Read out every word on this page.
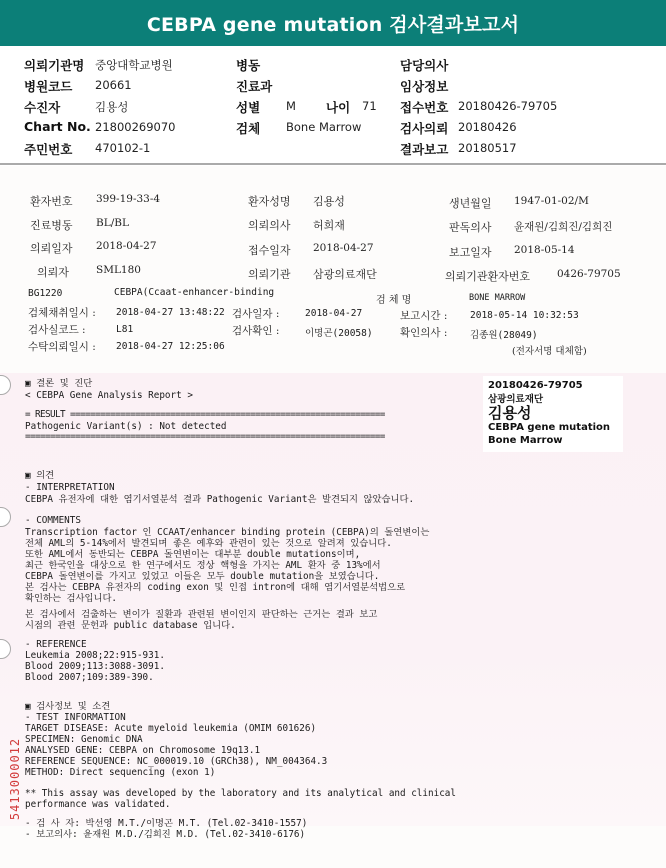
CEBPA gene mutation 검사결과보고서
의뢰기관명 중앙대학교병원
병원코드 20661
수진자	김용성
Chart No. 21800269070
주민번호 470102-1
병동
진료과
성별 M 나이 71
검체 Bone Marrow
담당의사
임상정보
접수번호 20180426-79705
검사의뢰 20180426
결과보고 20180517
환자번호 399-19-33-4	환자성명 김용성	생년월일 1947-01-02/M
진료병동 BL/BL	의뢰의사 허희재	판독의사 윤재원/김희진/김희진
의뢰일자 2018-04-27	접수일자 2018-04-27	보고일자 2018-05-14
의뢰자	SML180	의뢰기관 삼광의료재단	의뢰기관환자번호	0426-79705
BG1220	CEBPA(Ccaat-enhancer-binding
검 체 명	BONE MARROW
검체채취일시 : 2018-04-27 13:48:22 검사일자 :	2018-04-27	보고시간 : 2018-05-14 10:32:53
검사실코드 :	L81	검사확인 :	이명곤(20058)	확인의사 : 김종원(28049)
수탁의뢰일시 : 2018-04-27 12:25:06	(전자서명 대체함)
20180426-79705
삼광의료재단
김용성
CEBPA gene mutation
Bone Marrow
▣ 결론 및 진단
< CEBPA Gene Analysis Report >
= RESULT ===============================================================
Pathogenic Variant(s) : Not detected
========================================================================
▣ 의견
- INTERPRETATION
CEBPA 유전자에 대한 염기서열분석 결과 Pathogenic Variant은 발견되지 않았습니다.
- COMMENTS
Transcription factor 인 CCAAT/enhancer binding protein (CEBPA)의 돌연변이는
전체 AML의 5-14%에서 발견되며 좋은 예후와 관련이 있는 것으로 알려져 있습니다.
또한 AML에서 동반되는 CEBPA 돌연변이는 대부분 double mutations이며,
최근 한국인을 대상으로 한 연구에서도 정상 핵형을 가지는 AML 환자 중 13%에서
CEBPA 돌연변이를 가지고 있었고 이들은 모두 double mutation을 보였습니다.
본 검사는 CEBPA 유전자의 coding exon 및 인접 intron에 대해 염기서열분석법으로
확인하는 검사입니다.
본 검사에서 검출하는 변이가 질환과 관련된 변이인지 판단하는 근거는 결과 보고
시점의 관련 문헌과 public database 입니다.
- REFERENCE
Leukemia 2008;22:915-931.
Blood 2009;113:3088-3091.
Blood 2007;109:389-390.
▣ 검사정보 및 소견
- TEST INFORMATION
TARGET DISEASE: Acute myeloid leukemia (OMIM 601626)
SPECIMEN: Genomic DNA
ANALYSED GENE: CEBPA on Chromosome 19q13.1
REFERENCE SEQUENCE: NC_000019.10 (GRCh38), NM_004364.3
METHOD: Direct sequencing (exon 1)
** This assay was developed by the laboratory and its analytical and clinical
performance was validated.
- 검 사 자: 박선영 M.T./이명곤 M.T. (Tel.02-3410-1557)
- 보고의사: 윤재원 M.D./김희진 M.D. (Tel.02-3410-6176)
5413000012
